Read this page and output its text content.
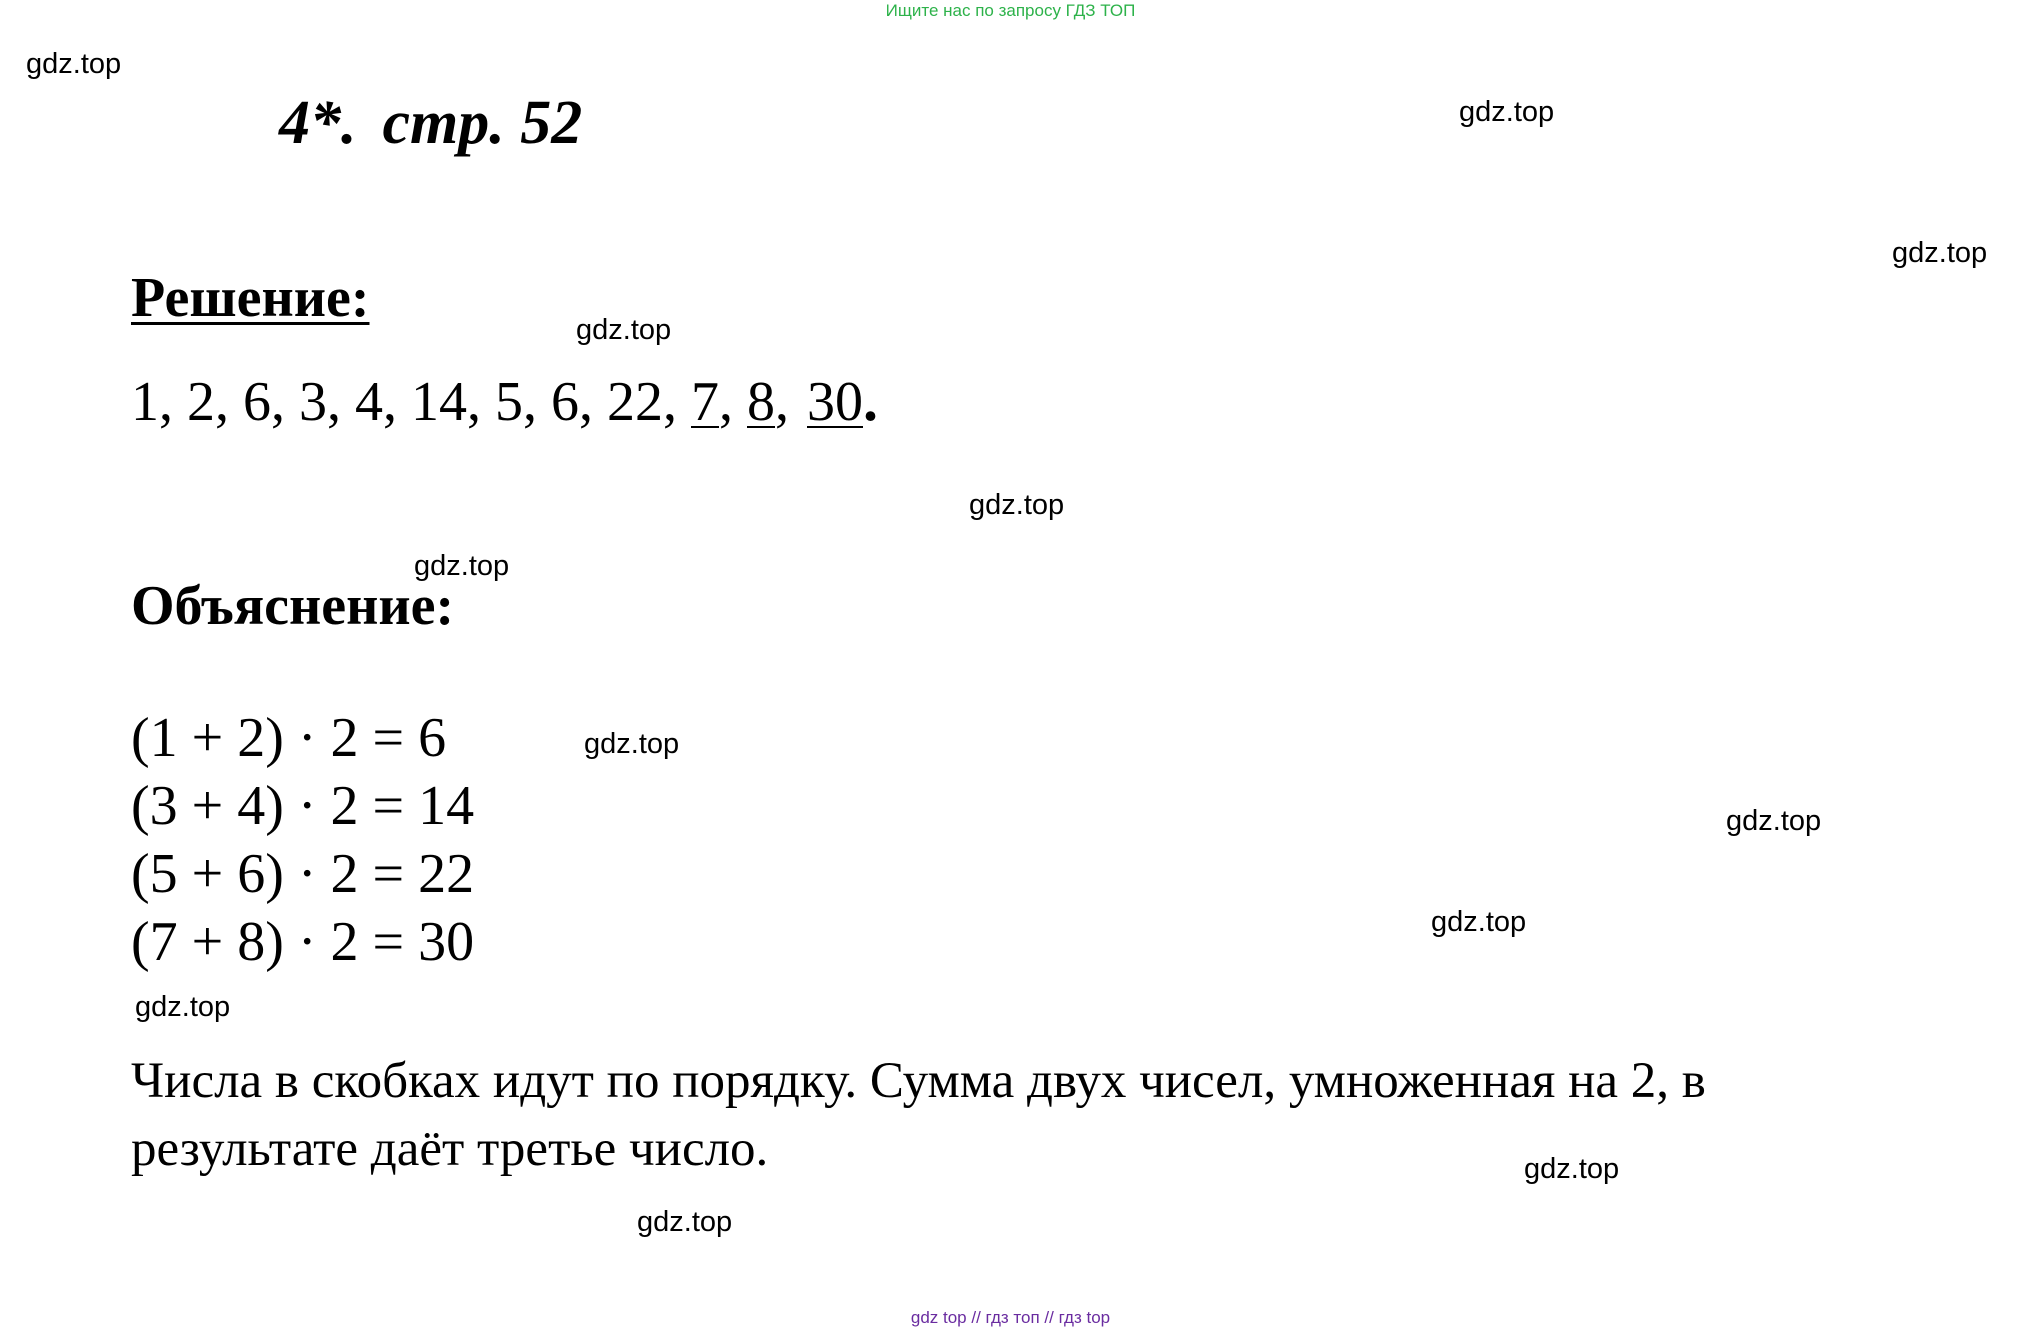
Ищите нас по запросу ГДЗ ТОП
4*. стр. 52
Решение:
1, 2, 6, 3, 4, 14, 5, 6, 22, 7, 8, 30.
Объяснение:
(1 + 2) · 2 = 6
(3 + 4) · 2 = 14
(5 + 6) · 2 = 22
(7 + 8) · 2 = 30
Числа в скобках идут по порядку. Сумма двух чисел, умноженная на 2, в
результате даёт третье число.
gdz.top
gdz.top
gdz.top
gdz.top
gdz.top
gdz.top
gdz.top
gdz.top
gdz.top
gdz.top
gdz.top
gdz.top
gdz top // гдз топ // гдз top
